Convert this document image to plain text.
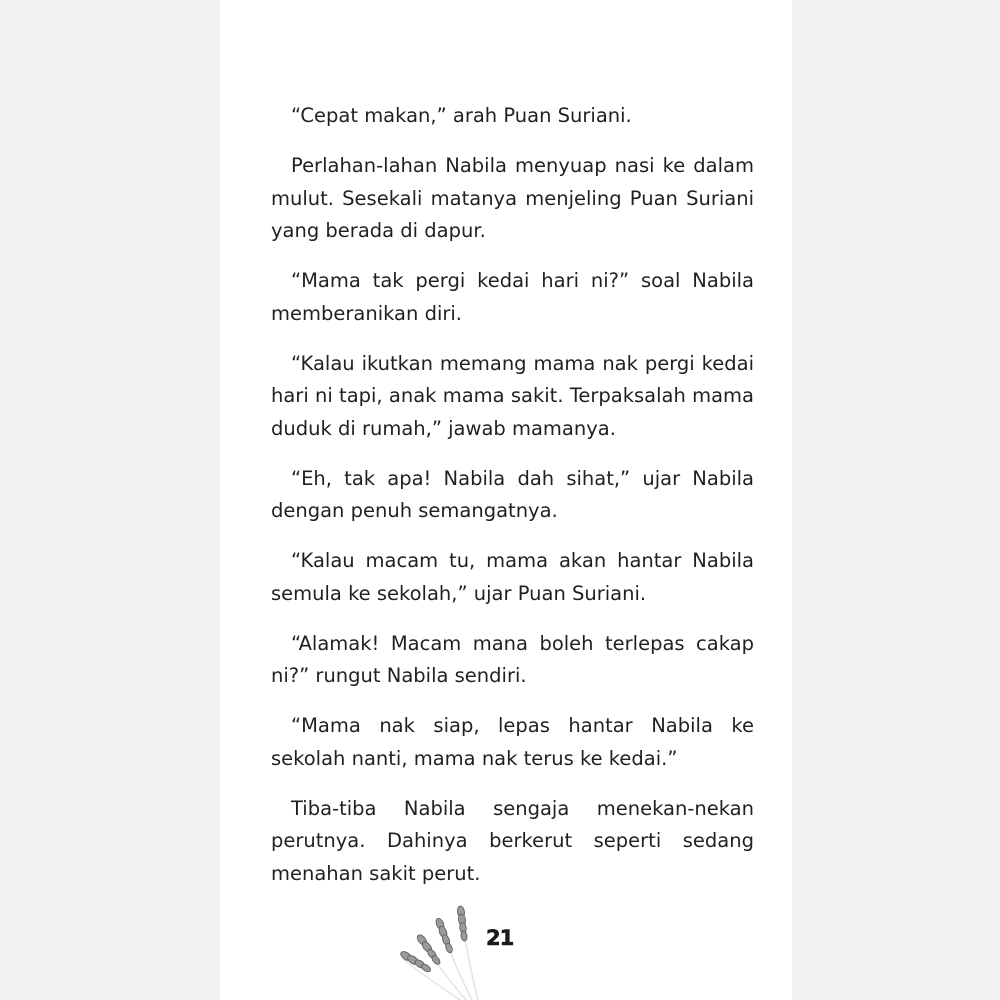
“Cepat makan,” arah Puan Suriani.

Perlahan-lahan Nabila menyuap nasi ke dalam mulut. Sesekali matanya menjeling Puan Suriani yang berada di dapur.

“Mama tak pergi kedai hari ni?” soal Nabila memberanikan diri.

“Kalau ikutkan memang mama nak pergi kedai hari ni tapi, anak mama sakit. Terpaksalah mama duduk di rumah,” jawab mamanya.

“Eh, tak apa! Nabila dah sihat,” ujar Nabila dengan penuh semangatnya.

“Kalau macam tu, mama akan hantar Nabila semula ke sekolah,” ujar Puan Suriani.

“Alamak! Macam mana boleh terlepas cakap ni?” rungut Nabila sendiri.

“Mama nak siap, lepas hantar Nabila ke sekolah nanti, mama nak terus ke kedai.”

Tiba-tiba Nabila sengaja menekan-nekan perutnya. Dahinya berkerut seperti sedang menahan sakit perut.

21
